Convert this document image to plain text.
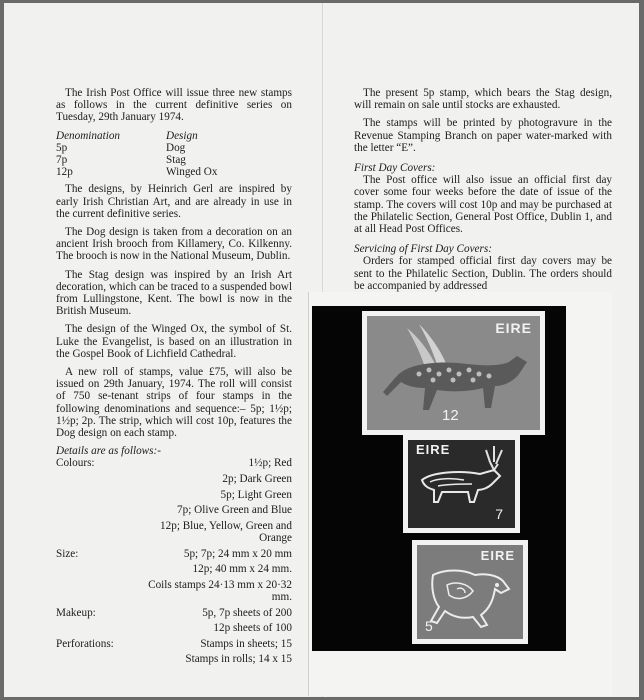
The Irish Post Office will issue three new stamps as follows in the current definitive series on Tuesday, 29th January 1974.

Denomination	Design
5p	Dog
7p	Stag
12p	Winged Ox

The designs, by Heinrich Gerl are inspired by early Irish Christian Art, and are already in use in the current definitive series.

The Dog design is taken from a decoration on an ancient Irish brooch from Killamery, Co. Kilkenny. The brooch is now in the National Museum, Dublin.

The Stag design was inspired by an Irish Art decoration, which can be traced to a suspended bowl from Lullingstone, Kent. The bowl is now in the British Museum.

The design of the Winged Ox, the symbol of St. Luke the Evangelist, is based on an illustration in the Gospel Book of Lichfield Cathedral.

A new roll of stamps, value £75, will also be issued on 29th January, 1974. The roll will consist of 750 se-tenant strips of four stamps in the following denominations and sequence:– 5p; 1½p; 1½p; 2p. The strip, which will cost 10p, features the Dog design on each stamp.

Details are as follows:-
Colours:	1½p; Red
2p; Dark Green
5p; Light Green
7p; Olive Green and Blue
12p; Blue, Yellow, Green and Orange
Size:	5p; 7p; 24 mm x 20 mm
12p; 40 mm x 24 mm.
Coils stamps 24·13 mm x 20·32 mm.
Makeup:	5p, 7p sheets of 200
12p sheets of 100
Perforations:	Stamps in sheets; 15
Stamps in rolls; 14 x 15

The present 5p stamp, which bears the Stag design, will remain on sale until stocks are exhausted.

The stamps will be printed by photogravure in the Revenue Stamping Branch on paper water-marked with the letter “E”.

First Day Covers:

The Post office will also issue an official first day cover some four weeks before the date of issue of the stamp. The covers will cost 10p and may be purchased at the Philatelic Section, General Post Office, Dublin 1, and at all Head Post Offices.

Servicing of First Day Covers:

Orders for stamped official first day covers may be sent to the Philatelic Section, Dublin. The orders should be accompanied by addressed

EIRE
12
EIRE
7
EIRE
5
